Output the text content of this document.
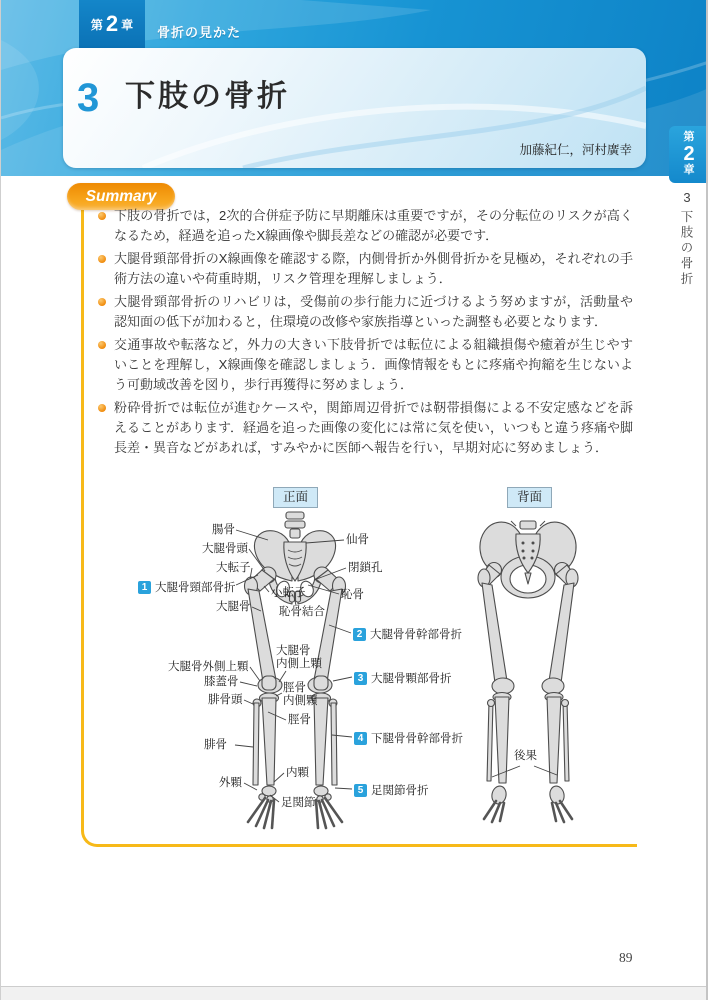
第 2 章
骨折の見かた
3 下肢の骨折
加藤紀仁，河村廣幸
第
2
章
3
下肢の骨折
Summary
下肢の骨折では，2次的合併症予防に早期離床は重要ですが，その分転位のリスクが高くなるため，経過を追ったX線画像や脚長差などの確認が必要です．
大腿骨頸部骨折のX線画像を確認する際，内側骨折か外側骨折かを見極め，それぞれの手術方法の違いや荷重時期，リスク管理を理解しましょう．
大腿骨頸部骨折のリハビリは，受傷前の歩行能力に近づけるよう努めますが，活動量や認知面の低下が加わると，住環境の改修や家族指導といった調整も必要となります．
交通事故や転落など，外力の大きい下肢骨折では転位による組織損傷や癒着が生じやすいことを理解し，X線画像を確認しましょう．画像情報をもとに疼痛や拘縮を生じないよう可動域改善を図り，歩行再獲得に努めましょう．
粉砕骨折では転位が進むケースや，関節周辺骨折では靭帯損傷による不安定感などを訴えることがあります．経過を追った画像の変化には常に気を使い，いつもと違う疼痛や脚長差・異音などがあれば，すみやかに医師へ報告を行い，早期対応に努めましょう．
正面	背面
腸骨
大腿骨頭
大転子
大腿骨
小転子
恥骨結合
仙骨
閉鎖孔
恥骨
大腿骨外側上顆
大腿骨
内側上顆
膝蓋骨
腓骨頭
脛骨
内側顆
脛骨
腓骨
内顆
外顆
足関節
後果
1 大腿骨頸部骨折
2 大腿骨骨幹部骨折
3 大腿骨顆部骨折
4 下腿骨骨幹部骨折
5 足関節骨折
89
